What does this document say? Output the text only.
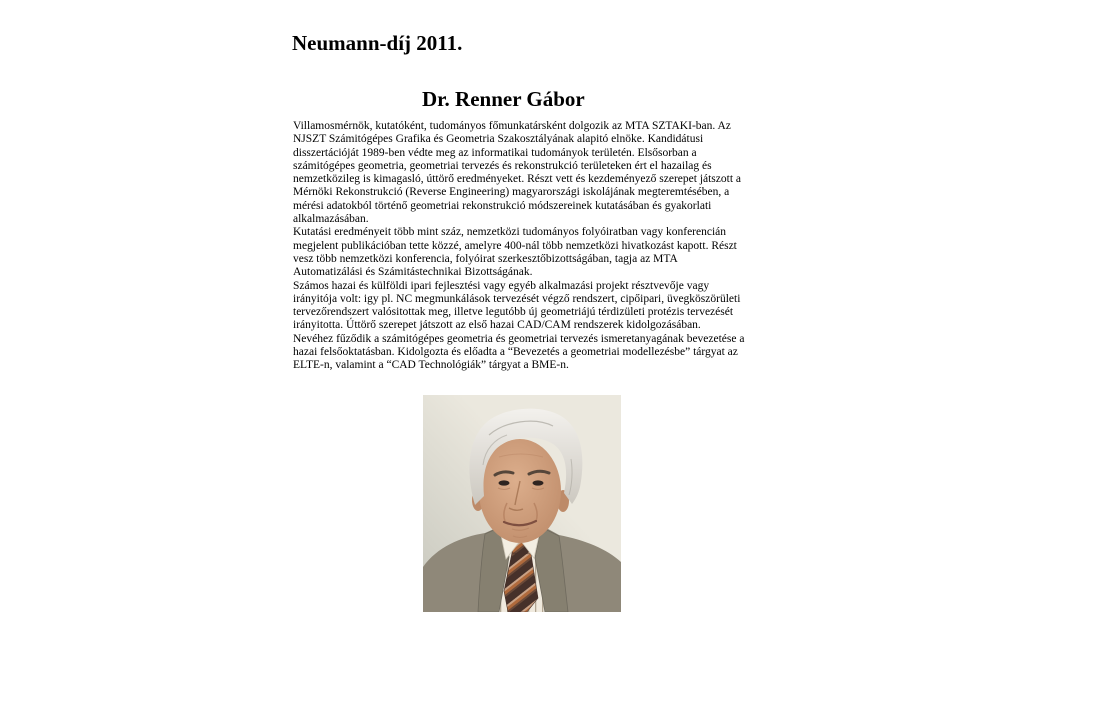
Neumann-díj 2011.
Dr. Renner Gábor
Villamosmérnök, kutatóként, tudományos főmunkatársként dolgozik az MTA SZTAKI-ban. Az
NJSZT Számitógépes Grafika és Geometria Szakosztályának alapitó elnöke. Kandidátusi
disszertációját 1989-ben védte meg az informatikai tudományok területén. Elsősorban a
számitógépes geometria, geometriai tervezés és rekonstrukció területeken ért el hazailag és
nemzetközileg is kimagasló, úttörő eredményeket. Részt vett és kezdeményező szerepet játszott a
Mérnöki Rekonstrukció (Reverse Engineering) magyarországi iskolájának megteremtésében, a
mérési adatokból történő geometriai rekonstrukció módszereinek kutatásában és gyakorlati
alkalmazásában.
Kutatási eredményeit több mint száz, nemzetközi tudományos folyóiratban vagy konferencián
megjelent publikációban tette közzé, amelyre 400-nál több nemzetközi hivatkozást kapott. Részt
vesz több nemzetközi konferencia, folyóirat szerkesztőbizottságában, tagja az MTA
Automatizálási és Számitástechnikai Bizottságának.
Számos hazai és külföldi ipari fejlesztési vagy egyéb alkalmazási projekt résztvevője vagy
irányitója volt: igy pl. NC megmunkálások tervezését végző rendszert, cipőipari, üvegköszörületi
tervezőrendszert valósitottak meg, illetve legutóbb új geometriájú térdizületi protézis tervezését
irányitotta. Úttörő szerepet játszott az első hazai CAD/CAM rendszerek kidolgozásában.
Nevéhez fűződik a számitógépes geometria és geometriai tervezés ismeretanyagának bevezetése a
hazai felsőoktatásban. Kidolgozta és előadta a “Bevezetés a geometriai modellezésbe” tárgyat az
ELTE-n, valamint a “CAD Technológiák” tárgyat a BME-n.
